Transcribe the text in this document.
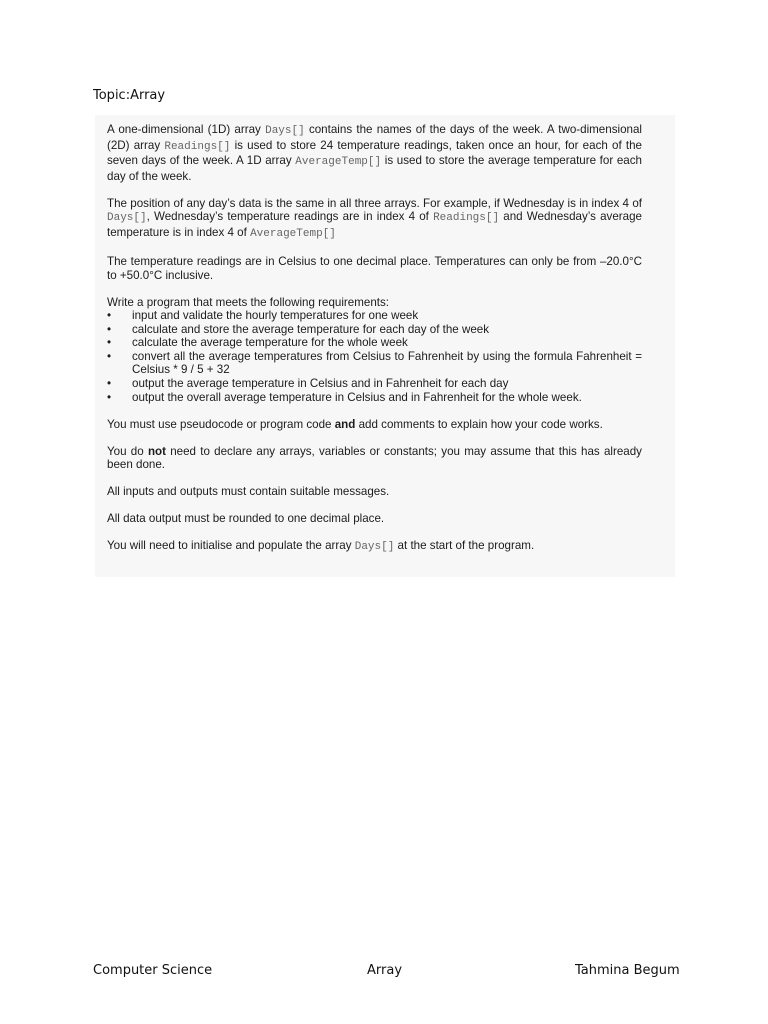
Topic:Array

A one-dimensional (1D) array Days[] contains the names of the days of the week. A two-dimensional (2D) array Readings[] is used to store 24 temperature readings, taken once an hour, for each of the seven days of the week. A 1D array AverageTemp[] is used to store the average temperature for each day of the week.

The position of any day’s data is the same in all three arrays. For example, if Wednesday is in index 4 of Days[], Wednesday’s temperature readings are in index 4 of Readings[] and Wednesday’s average temperature is in index 4 of AverageTemp[]

The temperature readings are in Celsius to one decimal place. Temperatures can only be from –20.0°C to +50.0°C inclusive.

Write a program that meets the following requirements:
• input and validate the hourly temperatures for one week
• calculate and store the average temperature for each day of the week
• calculate the average temperature for the whole week
• convert all the average temperatures from Celsius to Fahrenheit by using the formula Fahrenheit = Celsius * 9 / 5 + 32
• output the average temperature in Celsius and in Fahrenheit for each day
• output the overall average temperature in Celsius and in Fahrenheit for the whole week.

You must use pseudocode or program code and add comments to explain how your code works.

You do not need to declare any arrays, variables or constants; you may assume that this has already been done.

All inputs and outputs must contain suitable messages.

All data output must be rounded to one decimal place.

You will need to initialise and populate the array Days[] at the start of the program.

Computer Science	Array	Tahmina Begum
